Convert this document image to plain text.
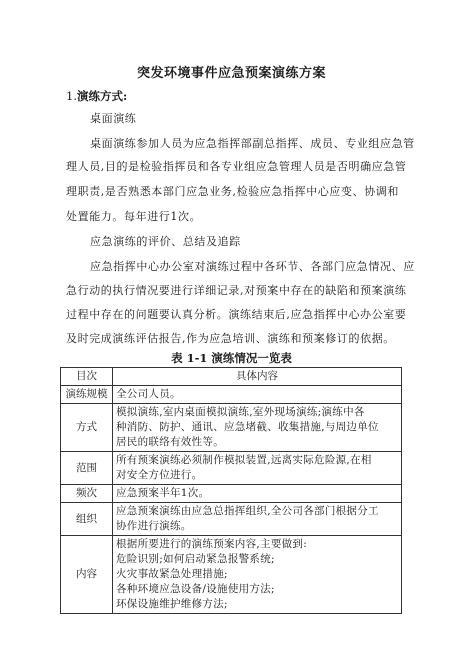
突发环境事件应急预案演练方案
1.演练方式:
桌面演练
桌面演练参加人员为应急指挥部副总指挥、成员、专业组应急管
理人员,目的是检验指挥员和各专业组应急管理人员是否明确应急管
理职责,是否熟悉本部门应急业务,检验应急指挥中心应变、协调和
处置能力。每年进行1次。
应急演练的评价、总结及追踪
应急指挥中心办公室对演练过程中各环节、各部门应急情况、应
急行动的执行情况要进行详细记录,对预案中存在的缺陷和预案演练
过程中存在的问题要认真分析。演练结束后,应急指挥中心办公室要
及时完成演练评估报告,作为应急培训、演练和预案修订的依据。
表 1-1 演练情况一览表
目次	具体内容
演练规模	全公司人员。

方式	模拟演练,室内桌面模拟演练,室外现场演练;演练中各
种消防、防护、通讯、应急堵截、收集措施,与周边单位
居民的联络有效性等。

范围	所有预案演练必须制作模拟装置,远离实际危险源,在相
对安全方位进行。

频次	应急预案半年1次。

组织	应急预案演练由应急总指挥组织,全公司各部门根据分工
协作进行演练。

内容	根据所要进行的演练预案内容,主要做到:
危险识别;如何启动紧急报警系统;
火灾事故紧急处理措施;
各种环境应急设备/设施使用方法;
环保设施维护维修方法;
